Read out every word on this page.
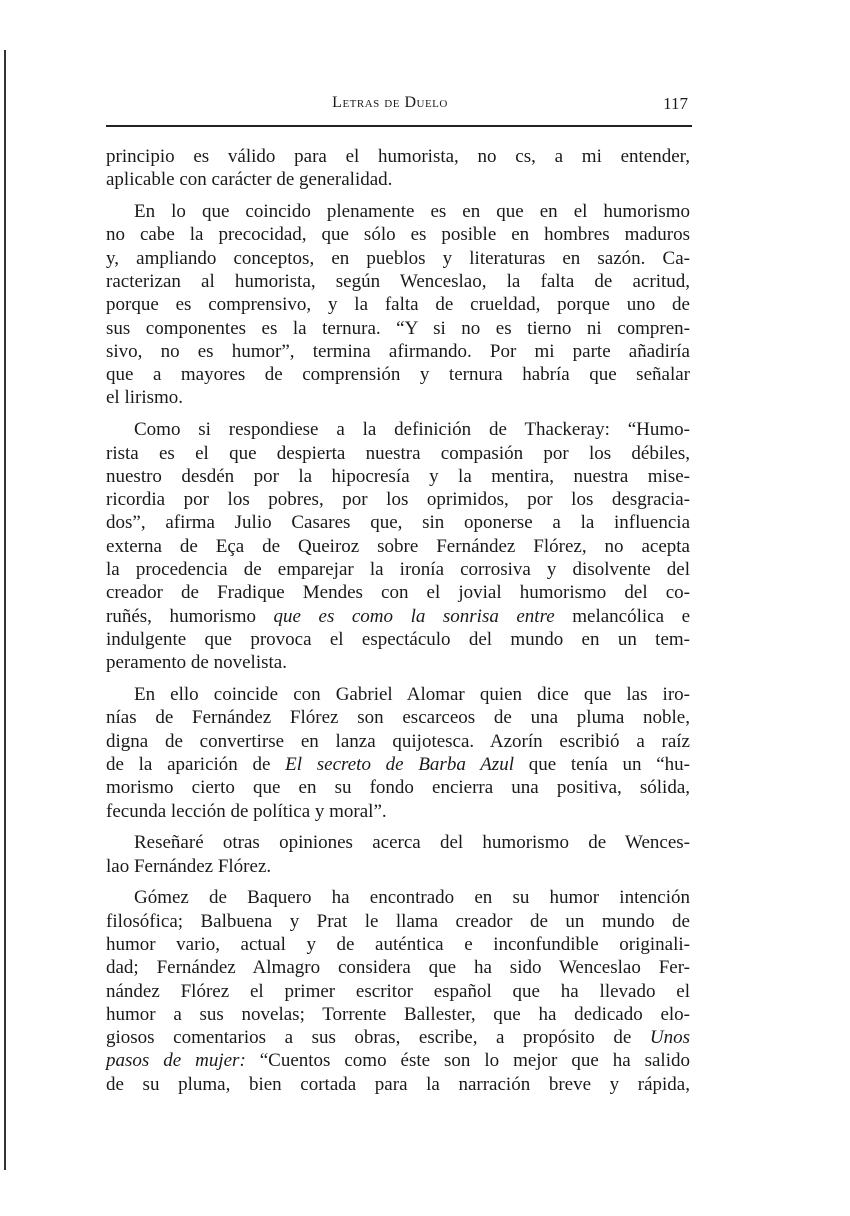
Letras de Duelo	117
principio es válido para el humorista, no cs, a mi entender,
aplicable con carácter de generalidad.
En lo que coincido plenamente es en que en el humorismo
no cabe la precocidad, que sólo es posible en hombres maduros
y, ampliando conceptos, en pueblos y literaturas en sazón. Ca-
racterizan al humorista, según Wenceslao, la falta de acritud,
porque es comprensivo, y la falta de crueldad, porque uno de
sus componentes es la ternura. “Y si no es tierno ni compren-
sivo, no es humor”, termina afirmando. Por mi parte añadiría
que a mayores de comprensión y ternura habría que señalar
el lirismo.
Como si respondiese a la definición de Thackeray: “Humo-
rista es el que despierta nuestra compasión por los débiles,
nuestro desdén por la hipocresía y la mentira, nuestra mise-
ricordia por los pobres, por los oprimidos, por los desgracia-
dos”, afirma Julio Casares que, sin oponerse a la influencia
externa de Eça de Queiroz sobre Fernández Flórez, no acepta
la procedencia de emparejar la ironía corrosiva y disolvente del
creador de Fradique Mendes con el jovial humorismo del co-
ruñés, humorismo que es como la sonrisa entre melancólica e
indulgente que provoca el espectáculo del mundo en un tem-
peramento de novelista.
En ello coincide con Gabriel Alomar quien dice que las iro-
nías de Fernández Flórez son escarceos de una pluma noble,
digna de convertirse en lanza quijotesca. Azorín escribió a raíz
de la aparición de El secreto de Barba Azul que tenía un “hu-
morismo cierto que en su fondo encierra una positiva, sólida,
fecunda lección de política y moral”.
Reseñaré otras opiniones acerca del humorismo de Wences-
lao Fernández Flórez.
Gómez de Baquero ha encontrado en su humor intención
filosófica; Balbuena y Prat le llama creador de un mundo de
humor vario, actual y de auténtica e inconfundible originali-
dad; Fernández Almagro considera que ha sido Wenceslao Fer-
nández Flórez el primer escritor español que ha llevado el
humor a sus novelas; Torrente Ballester, que ha dedicado elo-
giosos comentarios a sus obras, escribe, a propósito de Unos
pasos de mujer: “Cuentos como éste son lo mejor que ha salido
de su pluma, bien cortada para la narración breve y rápida,
